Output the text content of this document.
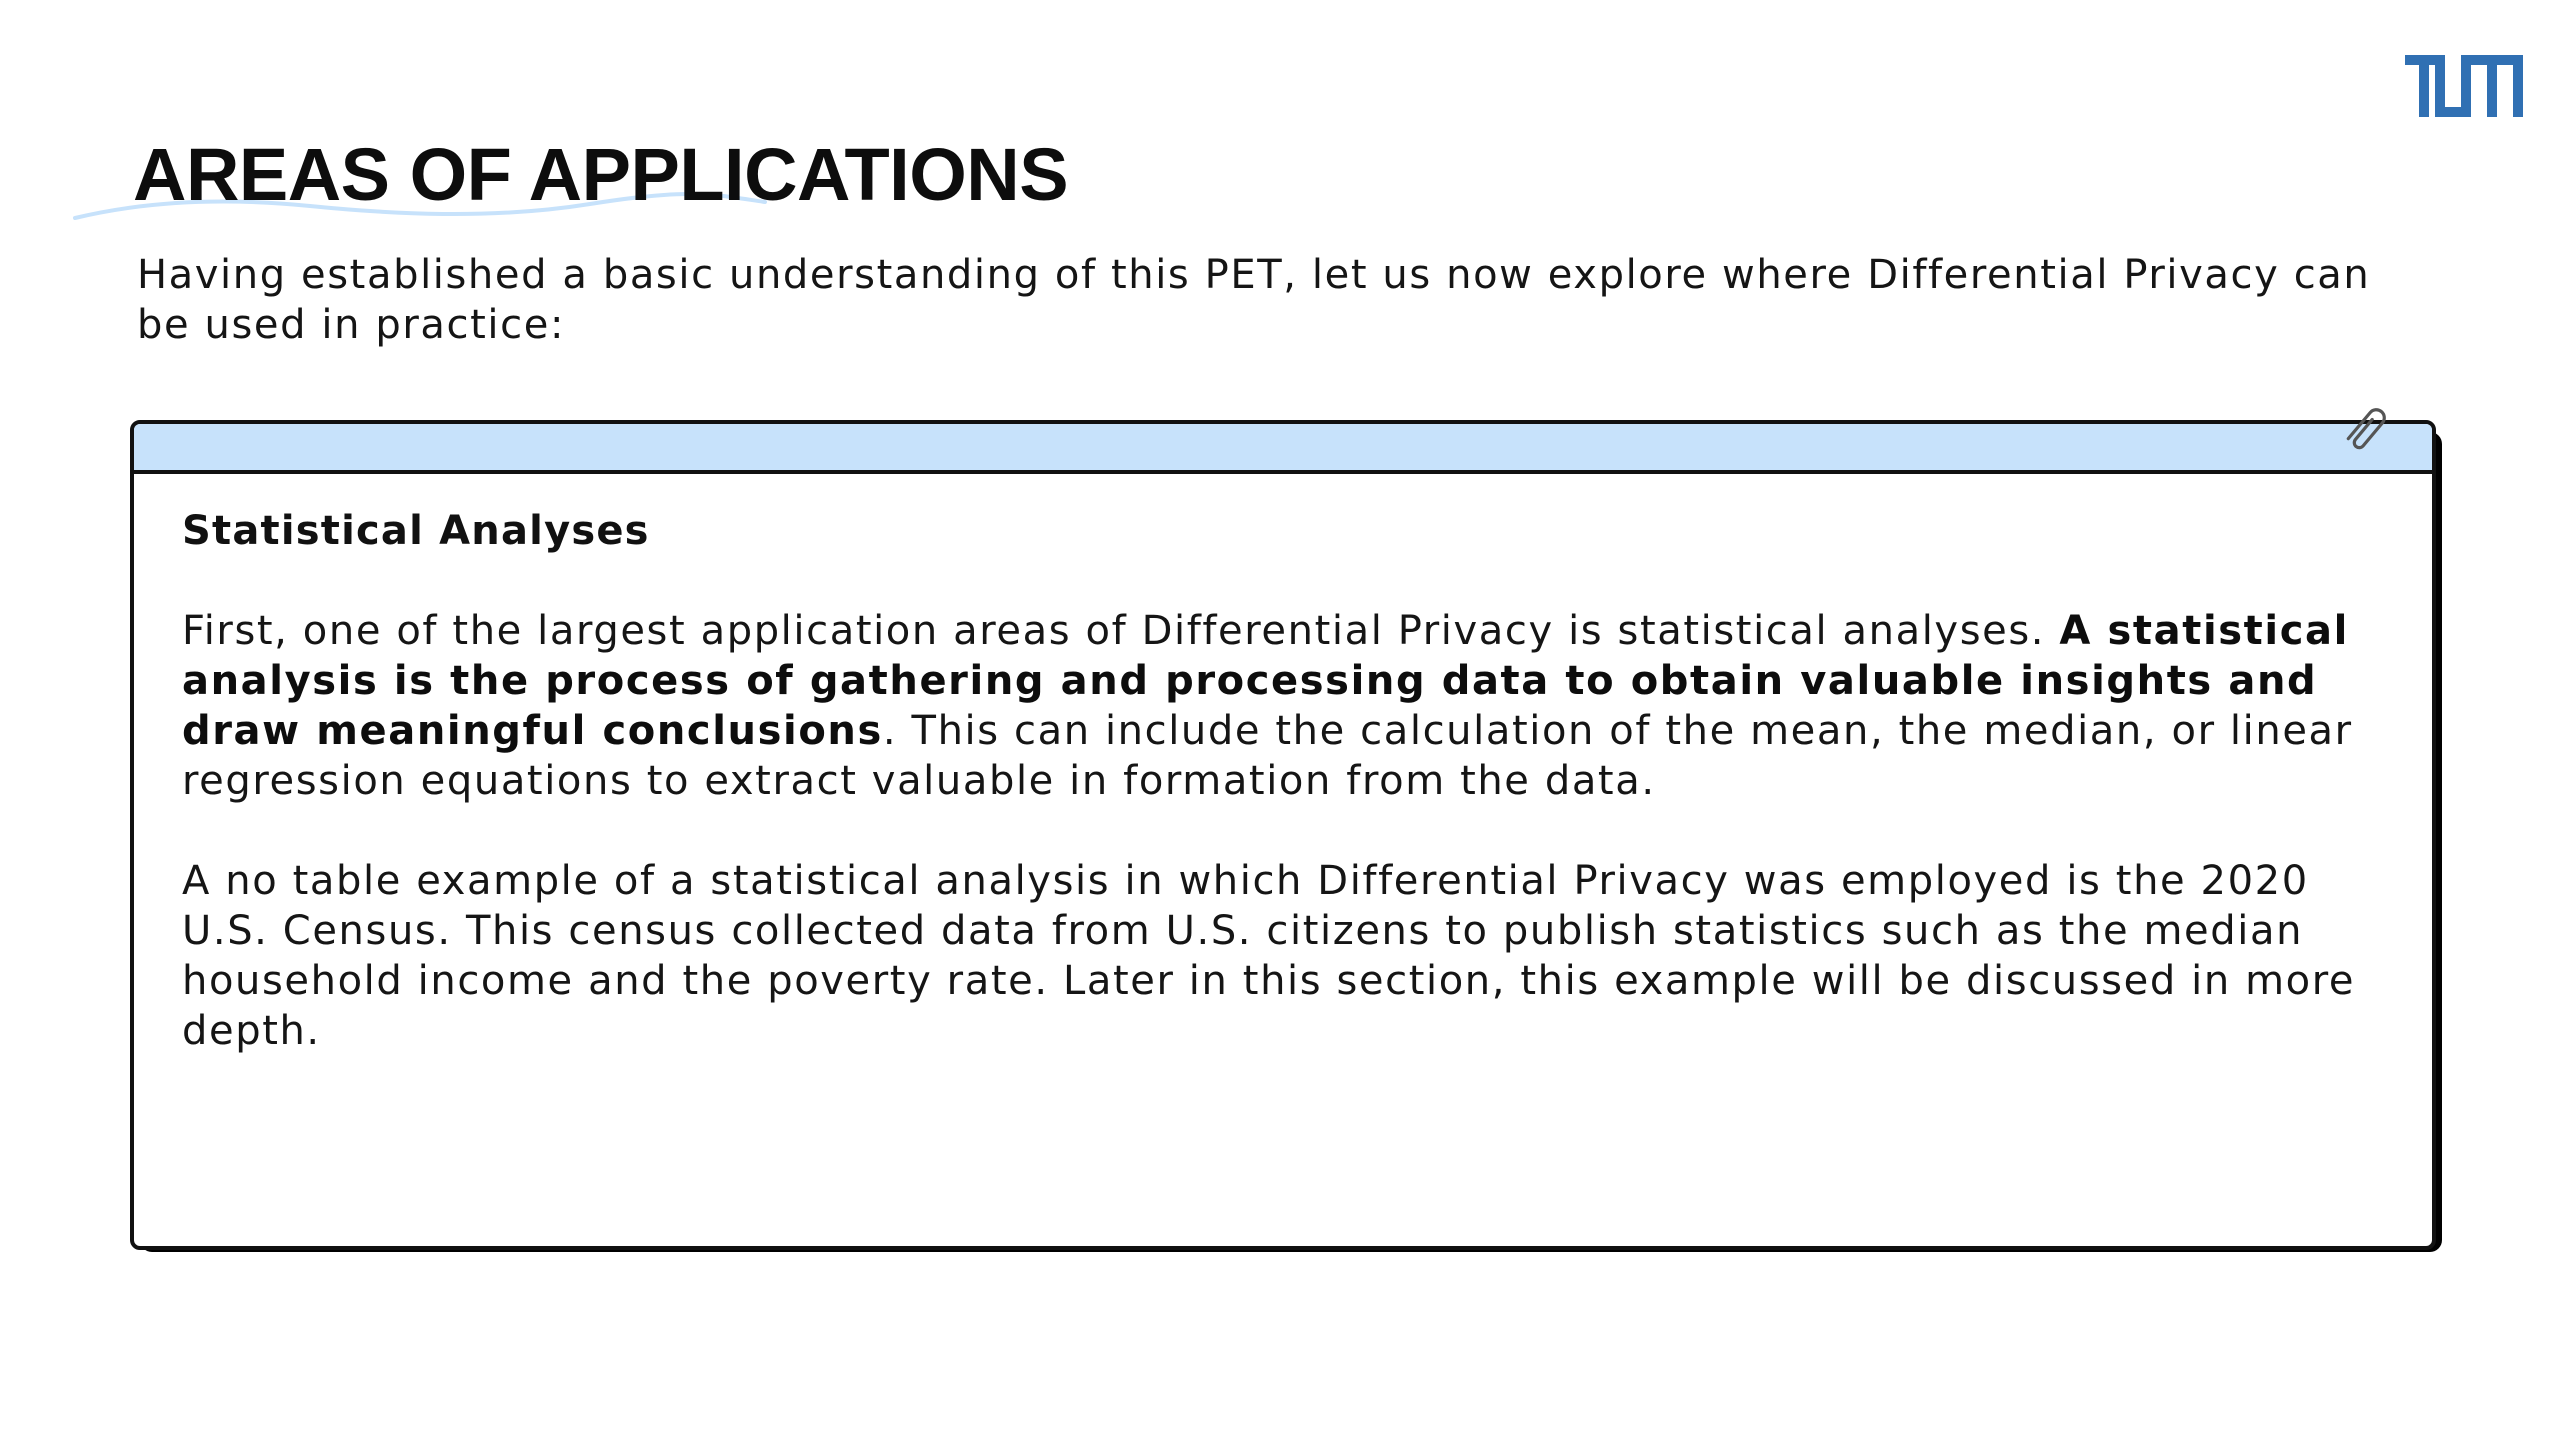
AREAS OF APPLICATIONS

Having established a basic understanding of this PET, let us now explore where Differential Privacy can be used in practice:

Statistical Analyses

First, one of the largest application areas of Differential Privacy is statistical analyses. A statistical analysis is the process of gathering and processing data to obtain valuable insights and draw meaningful conclusions. This can include the calculation of the mean, the median, or linear regression equations to extract valuable in formation from the data.

A no table example of a statistical analysis in which Differential Privacy was employed is the 2020 U.S. Census. This census collected data from U.S. citizens to publish statistics such as the median household income and the poverty rate. Later in this section, this example will be discussed in more depth.
